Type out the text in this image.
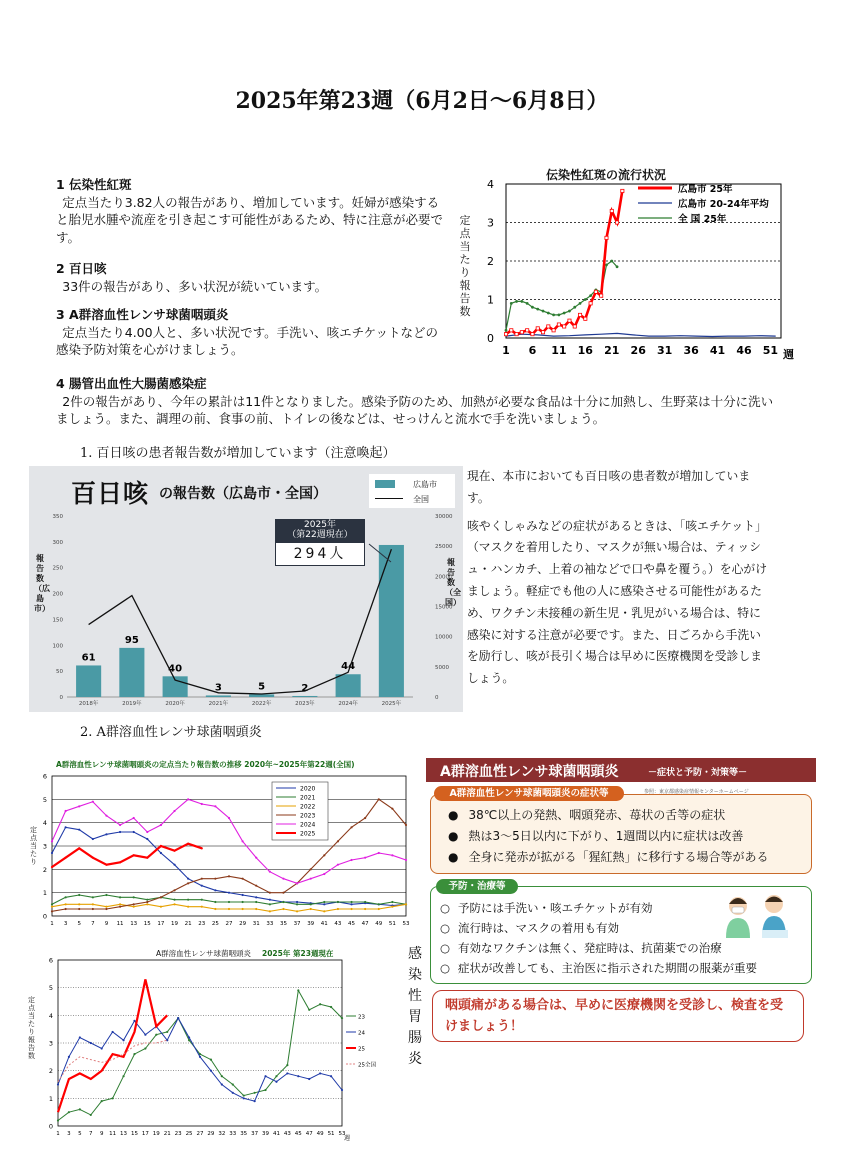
2025年第23週（6月2日〜6月8日）
1 伝染性紅斑

定点当たり3.82人の報告があり、増加しています。妊婦が感染すると胎児水腫や流産を引き起こす可能性があるため、特に注意が必要です。

2 百日咳

33件の報告があり、多い状況が続いています。

3 A群溶血性レンサ球菌咽頭炎

定点当たり4.00人と、多い状況です。手洗い、咳エチケットなどの感染予防対策を心がけましょう。

4 腸管出血性大腸菌感染症

2件の報告があり、今年の累計は11件となりました。感染予防のため、加熱が必要な食品は十分に加熱し、生野菜は十分に洗いましょう。また、調理の前、食事の前、トイレの後などは、せっけんと流水で手を洗いましょう。

伝染性紅斑の流行状況
定点当たり報告数
0
1
2
3
4
1 6 11 16 21 26 31 36 41 46 51 週
広島市 25年
広島市 20-24年平均
全 国 25年
1. 百日咳の患者報告数が増加しています（注意喚起）
百日咳 の報告数（広島市・全国）
広島市
全国
報告数（広島市）
報告数（全国）
0
50
100
150
200
250
300
350
0
5000
10000
15000
20000
25000
30000
61
2018年
95
2019年
40
2020年
3
2021年
5
2022年
2
2023年
44
2024年	2025年
2025年
（第22週現在）
294人
現在、本市においても百日咳の患者数が増加しています。
咳やくしゃみなどの症状があるときは、「咳エチケット」（マスクを着用したり、マスクが無い場合は、ティッシュ・ハンカチ、上着の袖などで口や鼻を覆う。）を心がけましょう。軽症でも他の人に感染させる可能性があるため、ワクチン未接種の新生児・乳児がいる場合は、特に感染に対する注意が必要です。また、日ごろから手洗いを励行し、咳が長引く場合は早めに医療機関を受診しましょう。
2. A群溶血性レンサ球菌咽頭炎
A群溶血性レンサ球菌咽頭炎の定点当たり報告数の推移 2020年~2025年第22週(全国)
定点当たり
0
1
2
3
4
5
6
1 3 5 7 9 11 13 15 17 19 21 23 25 27 29 31 33 35 37 39 41 43 45 47 49 51 53
2020
2021
2022
2023
2024
2025
A群溶血性レンサ球菌咽頭炎 2025年 第23週現在
定点当たり報告数
0
1
2
3
4
5
6
1 3 5 7 9 11 13 15 17 19 21 23 25 27 29 32 33 35 37 39 41 43 45 47 49 51 53
週
23
24
25
25全国
感染性胃腸炎
A群溶血性レンサ球菌咽頭炎	－症状と予防・対策等－
A群溶血性レンサ球菌咽頭炎の症状等	参照：東京都感染症情報センターホームページ
● 38℃以上の発熱、咽頭発赤、苺状の舌等の症状
● 熱は3〜5日以内に下がり、1週間以内に症状は改善
● 全身に発赤が拡がる「猩紅熱」に移行する場合等がある
予防・治療等
○ 予防には手洗い・咳エチケットが有効
○ 流行時は、マスクの着用も有効
○ 有効なワクチンは無く、発症時は、抗菌薬での治療
○ 症状が改善しても、主治医に指示された期間の服薬が重要
咽頭痛がある場合は、早めに医療機関を受診し、検査を受けましょう！
